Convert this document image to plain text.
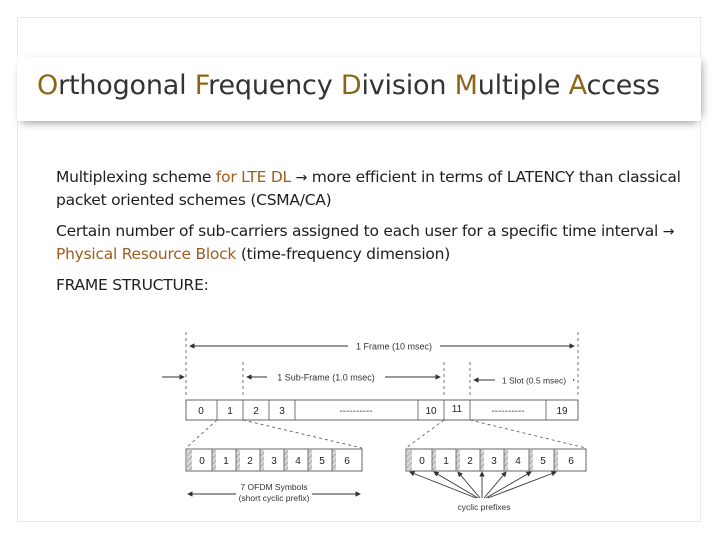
Orthogonal Frequency Division Multiple Access

Multiplexing scheme for LTE DL → more efficient in terms of LATENCY than classical packet oriented schemes (CSMA/CA)

Certain number of sub-carriers assigned to each user for a specific time interval → Physical Resource Block (time-frequency dimension)

FRAME STRUCTURE:

1 Frame (10 msec)
1 Sub-Frame (1.0 msec)	1 Slot (0.5 msec)
0 1 2 3	----------	10 11	----------	19
0 1 2 3 4 5 6	0 1 2 3 4 5 6
7 OFDM Symbols
(short cyclic prefix)
cyclic prefixes
